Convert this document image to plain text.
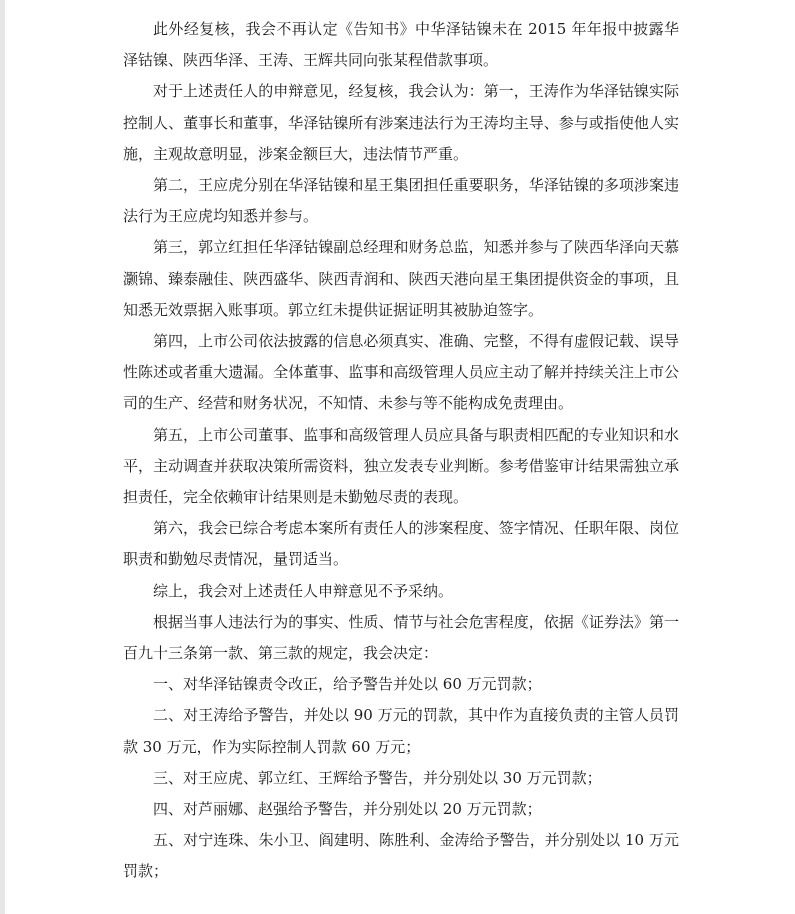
此外经复核，我会不再认定《告知书》中华泽钴镍未在 2015 年年报中披露华泽钴镍、陕西华泽、王涛、王辉共同向张某程借款事项。

对于上述责任人的申辩意见，经复核，我会认为：第一，王涛作为华泽钴镍实际控制人、董事长和董事，华泽钴镍所有涉案违法行为王涛均主导、参与或指使他人实施，主观故意明显，涉案金额巨大，违法情节严重。

第二，王应虎分别在华泽钴镍和星王集团担任重要职务，华泽钴镍的多项涉案违法行为王应虎均知悉并参与。

第三，郭立红担任华泽钴镍副总经理和财务总监，知悉并参与了陕西华泽向天慕灏锦、臻泰融佳、陕西盛华、陕西青润和、陕西天港向星王集团提供资金的事项，且知悉无效票据入账事项。郭立红未提供证据证明其被胁迫签字。

第四，上市公司依法披露的信息必须真实、准确、完整，不得有虚假记载、误导性陈述或者重大遗漏。全体董事、监事和高级管理人员应主动了解并持续关注上市公司的生产、经营和财务状况，不知情、未参与等不能构成免责理由。

第五，上市公司董事、监事和高级管理人员应具备与职责相匹配的专业知识和水平，主动调查并获取决策所需资料，独立发表专业判断。参考借鉴审计结果需独立承担责任，完全依赖审计结果则是未勤勉尽责的表现。

第六，我会已综合考虑本案所有责任人的涉案程度、签字情况、任职年限、岗位职责和勤勉尽责情况，量罚适当。

综上，我会对上述责任人申辩意见不予采纳。

根据当事人违法行为的事实、性质、情节与社会危害程度，依据《证券法》第一百九十三条第一款、第三款的规定，我会决定：

一、对华泽钴镍责令改正，给予警告并处以 60 万元罚款；

二、对王涛给予警告，并处以 90 万元的罚款，其中作为直接负责的主管人员罚款 30 万元，作为实际控制人罚款 60 万元；

三、对王应虎、郭立红、王辉给予警告，并分别处以 30 万元罚款；

四、对芦丽娜、赵强给予警告，并分别处以 20 万元罚款；

五、对宁连珠、朱小卫、阎建明、陈胜利、金涛给予警告，并分别处以 10 万元罚款；
